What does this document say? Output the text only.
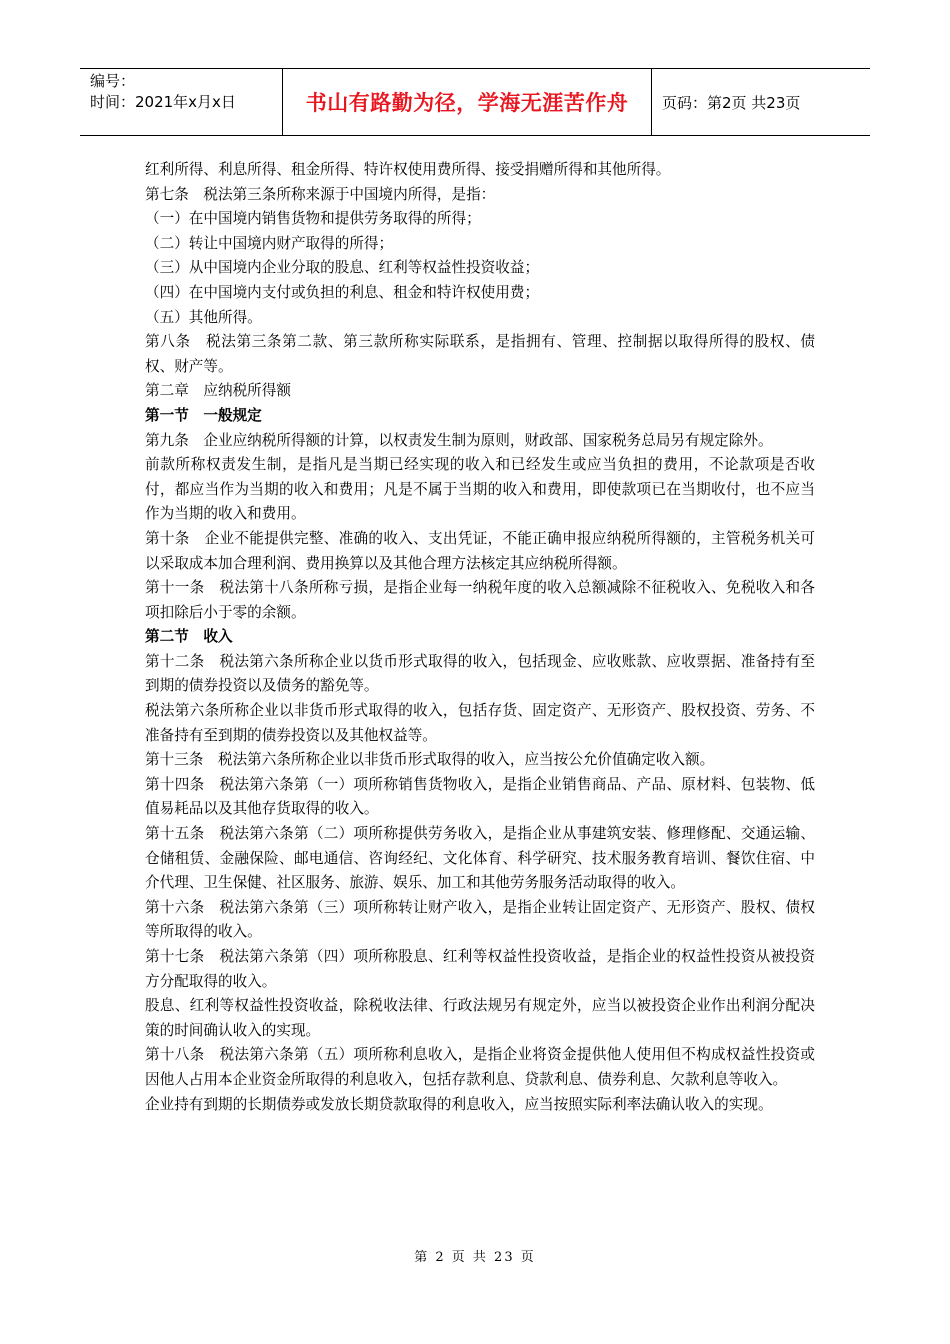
编号：
时间：2021年x月x日	书山有路勤为径，学海无涯苦作舟	页码：第2页 共23页

红利所得、利息所得、租金所得、特许权使用费所得、接受捐赠所得和其他所得。

第七条　税法第三条所称来源于中国境内所得，是指：

（一）在中国境内销售货物和提供劳务取得的所得；

（二）转让中国境内财产取得的所得；

（三）从中国境内企业分取的股息、红利等权益性投资收益；

（四）在中国境内支付或负担的利息、租金和特许权使用费；

（五）其他所得。

第八条　税法第三条第二款、第三款所称实际联系，是指拥有、管理、控制据以取得所得的股权、债权、财产等。

第二章　应纳税所得额

第一节　一般规定

第九条　企业应纳税所得额的计算，以权责发生制为原则，财政部、国家税务总局另有规定除外。

前款所称权责发生制，是指凡是当期已经实现的收入和已经发生或应当负担的费用，不论款项是否收付，都应当作为当期的收入和费用；凡是不属于当期的收入和费用，即使款项已在当期收付，也不应当作为当期的收入和费用。

第十条　企业不能提供完整、准确的收入、支出凭证，不能正确申报应纳税所得额的，主管税务机关可以采取成本加合理利润、费用换算以及其他合理方法核定其应纳税所得额。

第十一条　税法第十八条所称亏损，是指企业每一纳税年度的收入总额减除不征税收入、免税收入和各项扣除后小于零的余额。

第二节　收入

第十二条　税法第六条所称企业以货币形式取得的收入，包括现金、应收账款、应收票据、准备持有至到期的债券投资以及债务的豁免等。

税法第六条所称企业以非货币形式取得的收入，包括存货、固定资产、无形资产、股权投资、劳务、不准备持有至到期的债券投资以及其他权益等。

第十三条　税法第六条所称企业以非货币形式取得的收入，应当按公允价值确定收入额。

第十四条　税法第六条第（一）项所称销售货物收入，是指企业销售商品、产品、原材料、包装物、低值易耗品以及其他存货取得的收入。

第十五条　税法第六条第（二）项所称提供劳务收入，是指企业从事建筑安装、修理修配、交通运输、仓储租赁、金融保险、邮电通信、咨询经纪、文化体育、科学研究、技术服务教育培训、餐饮住宿、中介代理、卫生保健、社区服务、旅游、娱乐、加工和其他劳务服务活动取得的收入。

第十六条　税法第六条第（三）项所称转让财产收入，是指企业转让固定资产、无形资产、股权、债权等所取得的收入。

第十七条　税法第六条第（四）项所称股息、红利等权益性投资收益，是指企业的权益性投资从被投资方分配取得的收入。

股息、红利等权益性投资收益，除税收法律、行政法规另有规定外，应当以被投资企业作出利润分配决策的时间确认收入的实现。

第十八条　税法第六条第（五）项所称利息收入，是指企业将资金提供他人使用但不构成权益性投资或因他人占用本企业资金所取得的利息收入，包括存款利息、贷款利息、债券利息、欠款利息等收入。

企业持有到期的长期债券或发放长期贷款取得的利息收入，应当按照实际利率法确认收入的实现。

第 2 页 共 23 页
